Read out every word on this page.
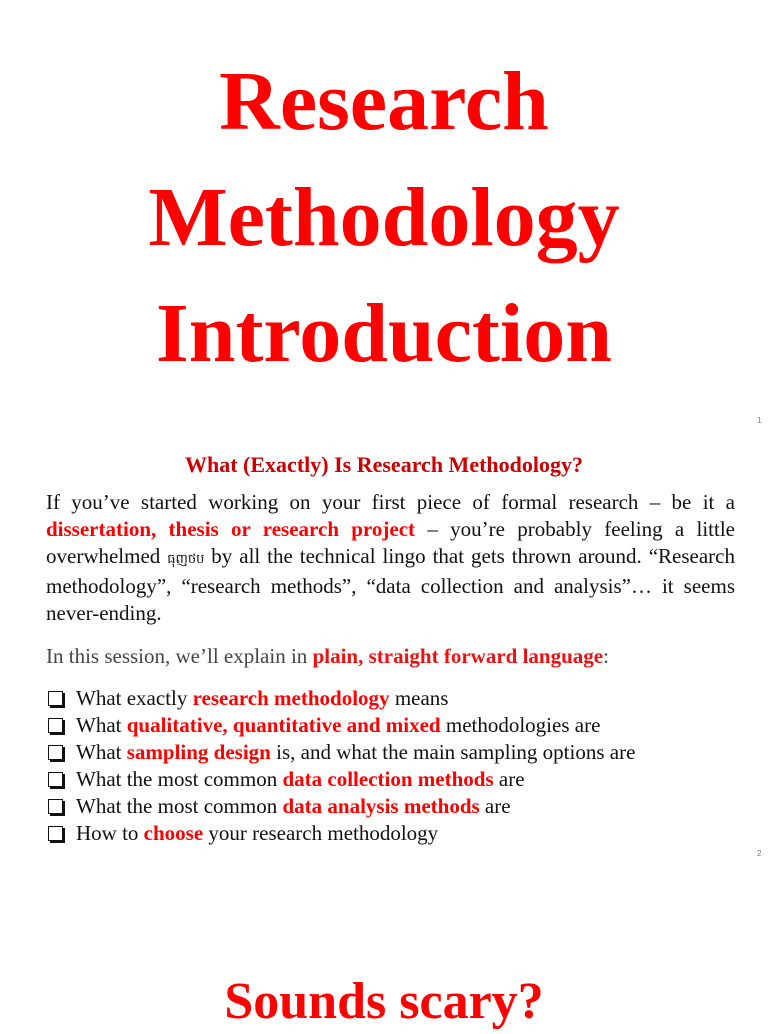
Research
Methodology
Introduction
1
What (Exactly) Is Research Methodology?
If you’ve started working on your first piece of formal research – be it a dissertation, thesis or research project – you’re probably feeling a little overwhelmed ធុញថប by all the technical lingo that gets thrown around. “Research methodology”, “research methods”, “data collection and analysis”… it seems never-ending.
In this session, we’ll explain in plain, straight forward language:
What exactly
research methodology
means
What
qualitative, quantitative and mixed
methodologies are
What
sampling design
is, and what the main sampling options are
What the most common
data collection methods
are
What the most common
data analysis methods
are
How to
choose
your research methodology
2
Sounds scary?
